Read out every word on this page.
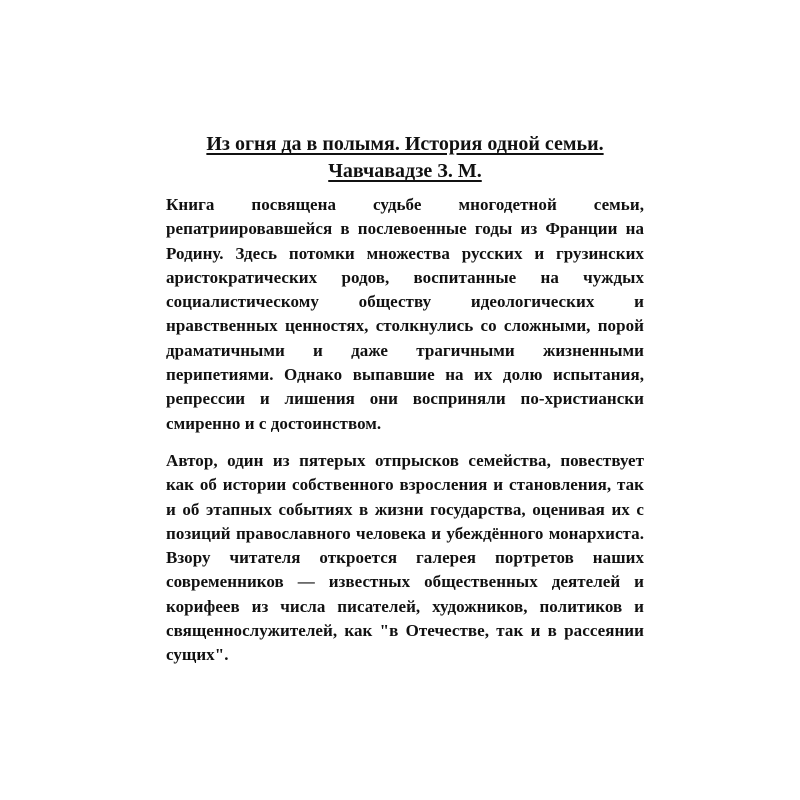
Из огня да в полымя. История одной семьи.

Чавчавадзе З. М.

Книга посвящена судьбе многодетной семьи, репатриировавшейся в послевоенные годы из Франции на Родину. Здесь потомки множества русских и грузинских аристократических родов, воспитанные на чуждых социалистическому обществу идеологических и нравственных ценностях, столкнулись со сложными, порой драматичными и даже трагичными жизненными перипетиями. Однако выпавшие на их долю испытания, репрессии и лишения они восприняли по-христиански смиренно и с достоинством.

Автор, один из пятерых отпрысков семейства, повествует как об истории собственного взросления и становления, так и об этапных событиях в жизни государства, оценивая их с позиций православного человека и убеждённого монархиста. Взору читателя откроется галерея портретов наших современников — известных общественных деятелей и корифеев из числа писателей, художников, политиков и священнослужителей, как "в Отечестве, так и в рассеянии сущих".
